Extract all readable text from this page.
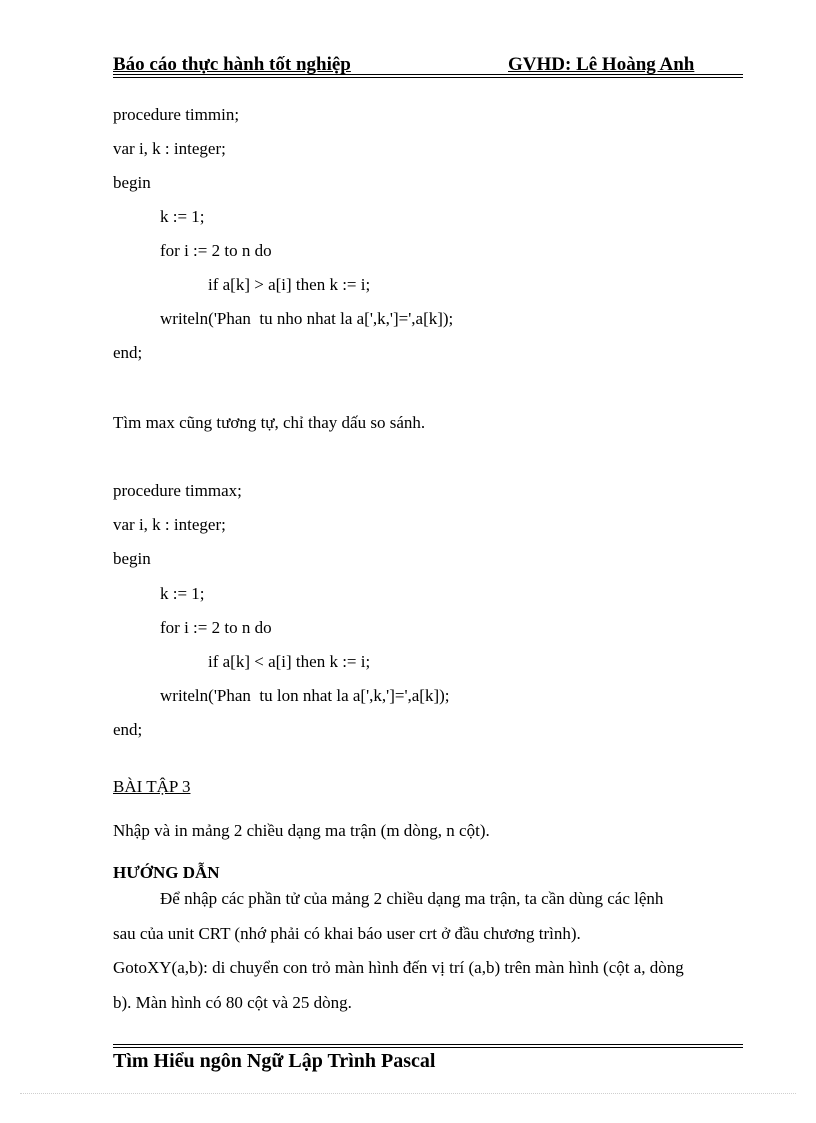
Báo cáo thực hành tốt nghiệp	GVHD: Lê Hoàng Anh
procedure timmin;
var i, k : integer;
begin
k := 1;
for i := 2 to n do
if a[k] > a[i] then k := i;
writeln('Phan  tu nho nhat la a[',k,']=',a[k]);
end;
Tìm max cũng tương tự, chỉ thay dấu so sánh.
procedure timmax;
var i, k : integer;
begin
k := 1;
for i := 2 to n do
if a[k] < a[i] then k := i;
writeln('Phan  tu lon nhat la a[',k,']=',a[k]);
end;
BÀI TẬP 3
Nhập và in mảng 2 chiều dạng ma trận (m dòng, n cột).
HƯỚNG DẪN
Để nhập các phần tử của mảng 2 chiều dạng ma trận, ta cần dùng các lệnh
sau của unit CRT (nhớ phải có khai báo user crt ở đầu chương trình).
GotoXY(a,b): di chuyển con trỏ màn hình đến vị trí (a,b) trên màn hình (cột a, dòng
b). Màn hình có 80 cột và 25 dòng.
Tìm Hiểu ngôn Ngữ Lập Trình Pascal
